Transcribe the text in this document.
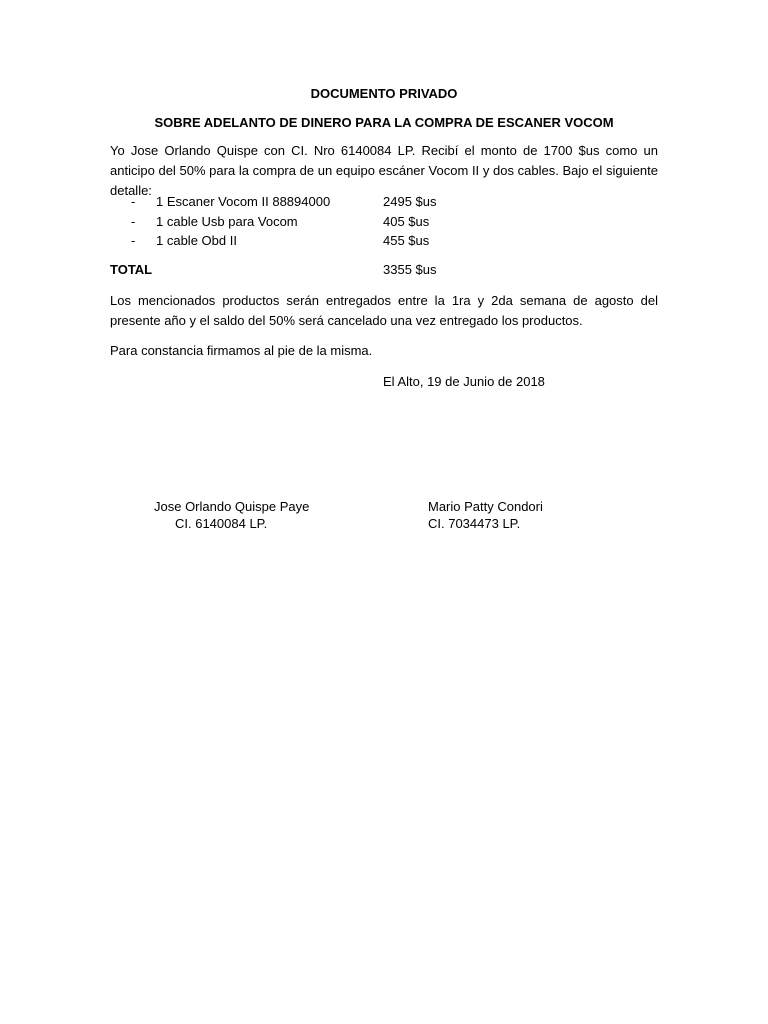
DOCUMENTO PRIVADO
SOBRE ADELANTO DE DINERO PARA LA COMPRA DE ESCANER VOCOM
Yo Jose Orlando Quispe con CI. Nro 6140084 LP. Recibí el monto de 1700 $us como un anticipo del 50% para la compra de un equipo escáner Vocom II y dos cables. Bajo el siguiente detalle:
- 1 Escaner Vocom II 88894000	2495 $us
- 1 cable Usb para Vocom	405 $us
- 1 cable Obd II	455 $us
TOTAL	3355 $us
Los mencionados productos serán entregados entre la 1ra y 2da semana de agosto del presente año y el saldo del 50% será cancelado una vez entregado los productos.
Para constancia firmamos al pie de la misma.
El Alto, 19 de Junio de 2018
Jose Orlando Quispe Paye
CI. 6140084 LP.
Mario Patty Condori
CI. 7034473 LP.
